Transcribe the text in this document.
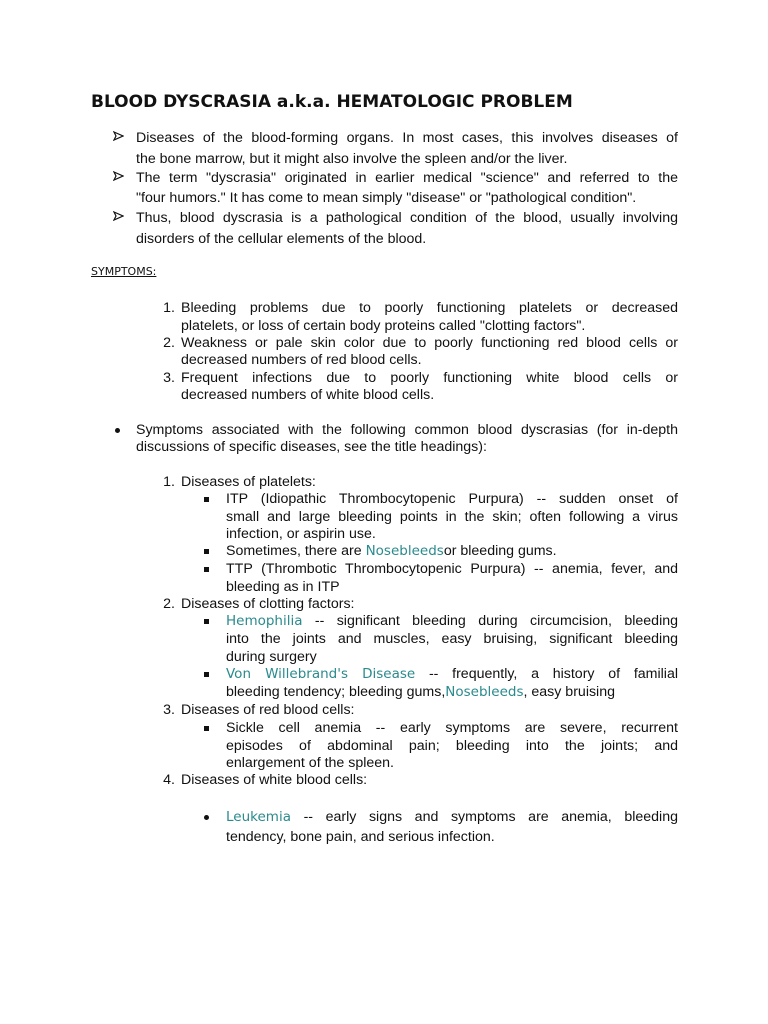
BLOOD DYSCRASIA a.k.a. HEMATOLOGIC PROBLEM
Diseases of the blood-forming organs. In most cases, this involves diseases of
the bone marrow, but it might also involve the spleen and/or the liver.
The term "dyscrasia" originated in earlier medical "science" and referred to the
"four humors." It has come to mean simply "disease" or "pathological condition".
Thus, blood dyscrasia is a pathological condition of the blood, usually involving
disorders of the cellular elements of the blood.
SYMPTOMS:
1. Bleeding problems due to poorly functioning platelets or decreased
platelets, or loss of certain body proteins called "clotting factors".
2. Weakness or pale skin color due to poorly functioning red blood cells or
decreased numbers of red blood cells.
3. Frequent infections due to poorly functioning white blood cells or
decreased numbers of white blood cells.
Symptoms associated with the following common blood dyscrasias (for in-depth
discussions of specific diseases, see the title headings):
1. Diseases of platelets:
ITP (Idiopathic Thrombocytopenic Purpura) -- sudden onset of
small and large bleeding points in the skin; often following a virus
infection, or aspirin use.
Sometimes, there are Nosebleedsor bleeding gums.
TTP (Thrombotic Thrombocytopenic Purpura) -- anemia, fever, and
bleeding as in ITP
2. Diseases of clotting factors:
Hemophilia -- significant bleeding during circumcision, bleeding
into the joints and muscles, easy bruising, significant bleeding
during surgery
Von Willebrand's Disease -- frequently, a history of familial
bleeding tendency; bleeding gums,Nosebleeds, easy bruising
3. Diseases of red blood cells:
Sickle cell anemia -- early symptoms are severe, recurrent
episodes of abdominal pain; bleeding into the joints; and
enlargement of the spleen.
4. Diseases of white blood cells:
Leukemia -- early signs and symptoms are anemia, bleeding
tendency, bone pain, and serious infection.
